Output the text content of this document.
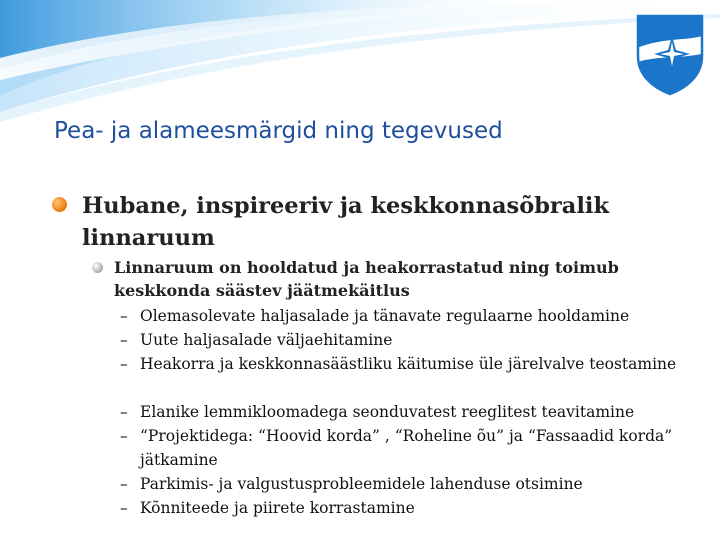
Pea- ja alameesmärgid ning tegevused
Hubane, inspireeriv ja keskkonnasõbralik linnaruum
Linnaruum on hooldatud ja heakorrastatud ning toimub keskkonda säästev jäätmekäitlus
– Olemasolevate haljasalade ja tänavate regulaarne hooldamine
– Uute haljasalade väljaehitamine
– Heakorra ja keskkonnasäästliku käitumise üle järelvalve teostamine
– Elanike lemmikloomadega seonduvatest reeglitest teavitamine
– “Projektidega: “Hoovid korda” , “Roheline õu” ja “Fassaadid korda” jätkamine
– Parkimis- ja valgustusprobleemidele lahenduse otsimine
– Kõnniteede ja piirete korrastamine
